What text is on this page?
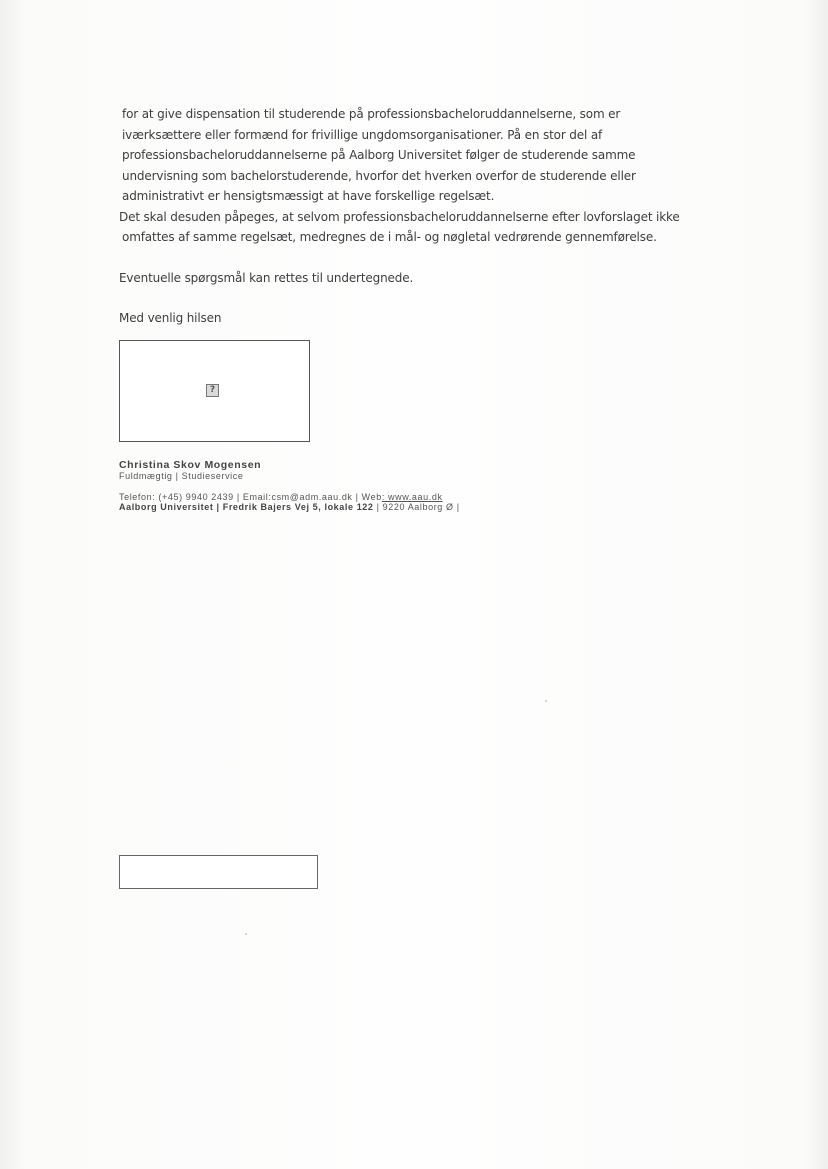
for at give dispensation til studerende på professionsbacheloruddannelserne, som er
iværksættere eller formænd for frivillige ungdomsorganisationer. På en stor del af
professionsbacheloruddannelserne på Aalborg Universitet følger de studerende samme
undervisning som bachelorstuderende, hvorfor det hverken overfor de studerende eller
administrativt er hensigtsmæssigt at have forskellige regelsæt.
Det skal desuden påpeges, at selvom professionsbacheloruddannelserne efter lovforslaget ikke
omfattes af samme regelsæt, medregnes de i mål- og nøgletal vedrørende gennemførelse.
Eventuelle spørgsmål kan rettes til undertegnede.
Med venlig hilsen
?
Christina Skov Mogensen
Fuldmægtig | Studieservice
Telefon: (+45) 9940 2439 | Email:csm@adm.aau.dk | Web: www.aau.dk
Aalborg Universitet | Fredrik Bajers Vej 5, lokale 122 | 9220 Aalborg Ø |
